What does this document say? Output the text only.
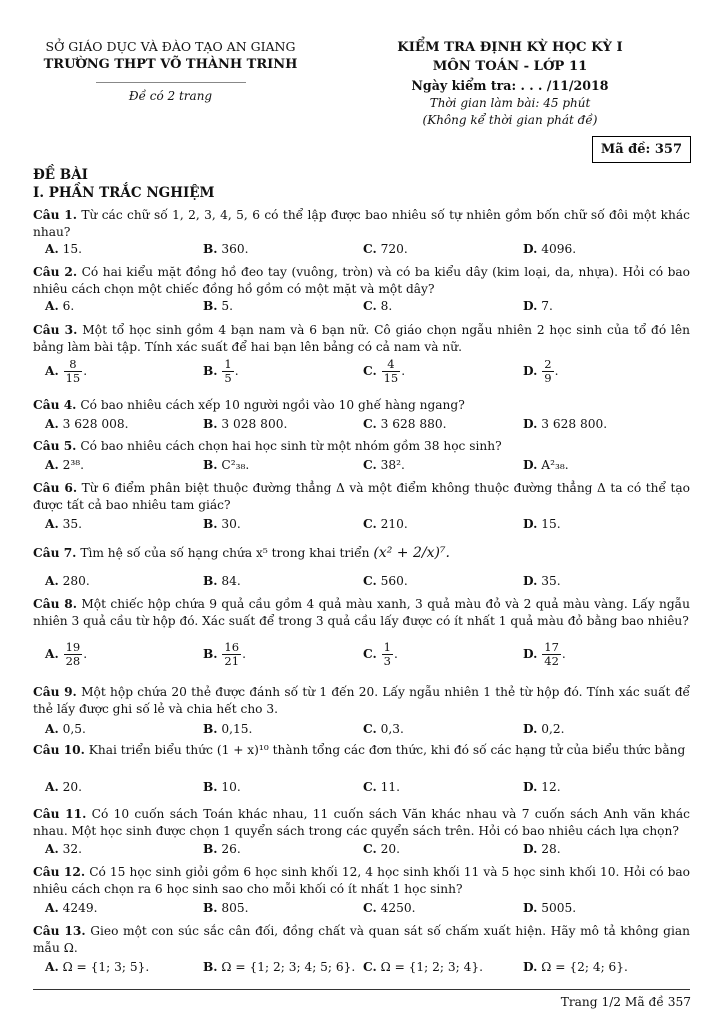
SỞ GIÁO DỤC VÀ ĐÀO TẠO AN GIANG
TRƯỜNG THPT VÕ THÀNH TRINH
Đề có 2 trang
KIỂM TRA ĐỊNH KỲ HỌC KỲ I
MÔN TOÁN - LỚP 11
Ngày kiểm tra: . . . /11/2018
Thời gian làm bài: 45 phút
(Không kể thời gian phát đề)
Mã đề: 357
ĐỀ BÀI
I. PHẦN TRẮC NGHIỆM
Câu 1. Từ các chữ số 1, 2, 3, 4, 5, 6 có thể lập được bao nhiêu số tự nhiên gồm bốn chữ số đôi một khác nhau?
A. 15.	B. 360.	C. 720.	D. 4096.
Câu 2. Có hai kiểu mặt đồng hồ đeo tay (vuông, tròn) và có ba kiểu dây (kim loại, da, nhựa). Hỏi có bao nhiêu cách chọn một chiếc đồng hồ gồm có một mặt và một dây?
A. 6.	B. 5.	C. 8.	D. 7.
Câu 3. Một tổ học sinh gồm 4 bạn nam và 6 bạn nữ. Cô giáo chọn ngẫu nhiên 2 học sinh của tổ đó lên bảng làm bài tập. Tính xác suất để hai bạn lên bảng có cả nam và nữ.
A. $\frac{8}{15}$ .	B. $\frac{1}{5}$ .	C. $\frac{4}{15}$ .	D. $\frac{2}{9}$ .
Câu 4. Có bao nhiêu cách xếp 10 người ngồi vào 10 ghế hàng ngang?
A. 3 628 008.	B. 3 028 800.	C. 3 628 880.	D. 3 628 800.
Câu 5. Có bao nhiêu cách chọn hai học sinh từ một nhóm gồm 38 học sinh?
A. 2³⁸.	B. C²₃₈.	C. 38².	D. A²₃₈.
Câu 6. Từ 6 điểm phân biệt thuộc đường thẳng Δ và một điểm không thuộc đường thẳng Δ ta có thể tạo được tất cả bao nhiêu tam giác?
A. 35.	B. 30.	C. 210.	D. 15.
Câu 7. Tìm hệ số của số hạng chứa x⁵ trong khai triển (x² + 2/x)⁷.
A. 280.	B. 84.	C. 560.	D. 35.
Câu 8. Một chiếc hộp chứa 9 quả cầu gồm 4 quả màu xanh, 3 quả màu đỏ và 2 quả màu vàng. Lấy ngẫu nhiên 3 quả cầu từ hộp đó. Xác suất để trong 3 quả cầu lấy được có ít nhất 1 quả màu đỏ bằng bao nhiêu?
A. $\frac{19}{28}$ .	B. $\frac{16}{21}$ .	C. $\frac{1}{3}$ .	D. $\frac{17}{42}$ .
Câu 9. Một hộp chứa 20 thẻ được đánh số từ 1 đến 20. Lấy ngẫu nhiên 1 thẻ từ hộp đó. Tính xác suất để thẻ lấy được ghi số lẻ và chia hết cho 3.
A. 0,5.	B. 0,15.	C. 0,3.	D. 0,2.
Câu 10. Khai triển biểu thức (1 + x)¹⁰ thành tổng các đơn thức, khi đó số các hạng tử của biểu thức bằng
A. 20.	B. 10.	C. 11.	D. 12.
Câu 11. Có 10 cuốn sách Toán khác nhau, 11 cuốn sách Văn khác nhau và 7 cuốn sách Anh văn khác nhau. Một học sinh được chọn 1 quyển sách trong các quyển sách trên. Hỏi có bao nhiêu cách lựa chọn?
A. 32.	B. 26.	C. 20.	D. 28.
Câu 12. Có 15 học sinh giỏi gồm 6 học sinh khối 12, 4 học sinh khối 11 và 5 học sinh khối 10. Hỏi có bao nhiêu cách chọn ra 6 học sinh sao cho mỗi khối có ít nhất 1 học sinh?
A. 4249.	B. 805.	C. 4250.	D. 5005.
Câu 13. Gieo một con súc sắc cân đối, đồng chất và quan sát số chấm xuất hiện. Hãy mô tả không gian mẫu Ω.
A. Ω = {1; 3; 5}.	B. Ω = {1; 2; 3; 4; 5; 6}. C. Ω = {1; 2; 3; 4}.	D. Ω = {2; 4; 6}.
Trang 1/2 Mã đề 357
